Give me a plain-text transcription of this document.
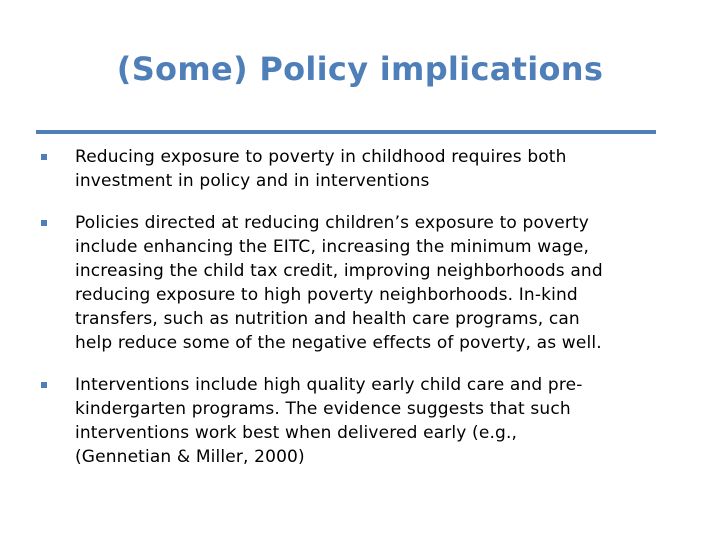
(Some) Policy implications
Reducing exposure to poverty in childhood requires both
investment in policy and in interventions
Policies directed at reducing children’s exposure to poverty
include enhancing the EITC, increasing the minimum wage,
increasing the child tax credit, improving neighborhoods and
reducing exposure to high poverty neighborhoods. In-kind
transfers, such as nutrition and health care programs, can
help reduce some of the negative effects of poverty, as well.
Interventions include high quality early child care and pre-
kindergarten programs. The evidence suggests that such
interventions work best when delivered early (e.g.,
(Gennetian & Miller, 2000)
